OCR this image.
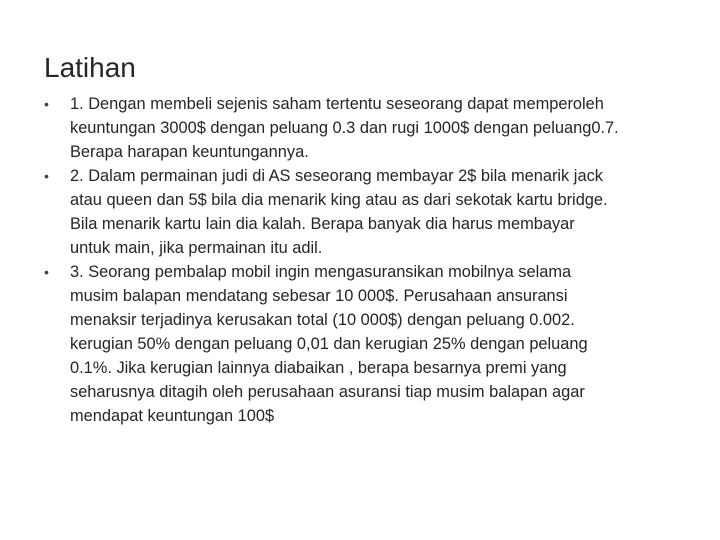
Latihan
• 1. Dengan membeli sejenis saham tertentu seseorang dapat memperoleh
keuntungan 3000$ dengan peluang 0.3 dan rugi 1000$ dengan peluang0.7.
Berapa harapan keuntungannya.
• 2. Dalam permainan judi di AS seseorang membayar 2$ bila menarik jack
atau queen dan 5$ bila dia menarik king atau as dari sekotak kartu bridge.
Bila menarik kartu lain dia kalah. Berapa banyak dia harus membayar
untuk main, jika permainan itu adil.
• 3. Seorang pembalap mobil ingin mengasuransikan mobilnya selama
musim balapan mendatang sebesar 10 000$. Perusahaan ansuransi
menaksir terjadinya kerusakan total (10 000$) dengan peluang 0.002.
kerugian 50% dengan peluang 0,01 dan kerugian 25% dengan peluang
0.1%. Jika kerugian lainnya diabaikan , berapa besarnya premi yang
seharusnya ditagih oleh perusahaan asuransi tiap musim balapan agar
mendapat keuntungan 100$
